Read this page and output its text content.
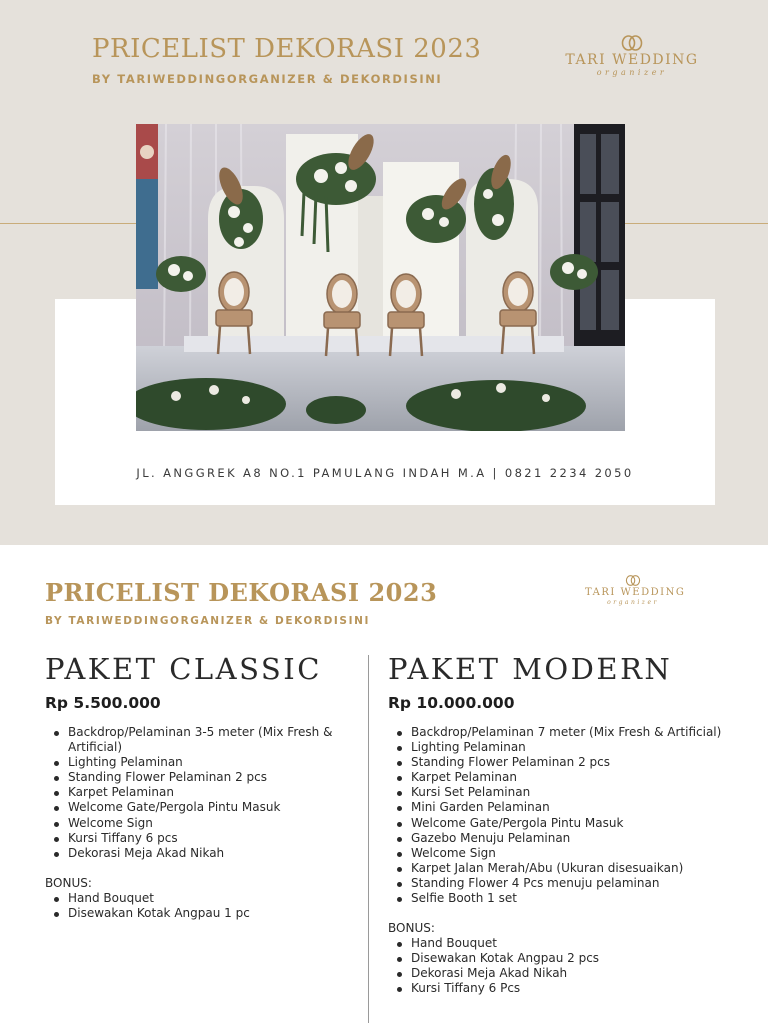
PRICELIST DEKORASI 2023
BY TARIWEDDINGORGANIZER & DEKORDISINI
TARI WEDDING
organizer
JL. ANGGREK A8 NO.1 PAMULANG INDAH M.A | 0821 2234 2050
PRICELIST DEKORASI 2023
BY TARIWEDDINGORGANIZER & DEKORDISINI
TARI WEDDING
organizer
PAKET CLASSIC
Rp 5.500.000
Backdrop/Pelaminan 3-5 meter (Mix Fresh & Artificial)
Lighting Pelaminan
Standing Flower Pelaminan 2 pcs
Karpet Pelaminan
Welcome Gate/Pergola Pintu Masuk
Welcome Sign
Kursi Tiffany 6 pcs
Dekorasi Meja Akad Nikah
BONUS:
Hand Bouquet
Disewakan Kotak Angpau 1 pc
PAKET MODERN
Rp 10.000.000
Backdrop/Pelaminan 7 meter (Mix Fresh & Artificial)
Lighting Pelaminan
Standing Flower Pelaminan 2 pcs
Karpet Pelaminan
Kursi Set Pelaminan
Mini Garden Pelaminan
Welcome Gate/Pergola Pintu Masuk
Gazebo Menuju Pelaminan
Welcome Sign
Karpet Jalan Merah/Abu (Ukuran disesuaikan)
Standing Flower 4 Pcs menuju pelaminan
Selfie Booth 1 set
BONUS:
Hand Bouquet
Disewakan Kotak Angpau 2 pcs
Dekorasi Meja Akad Nikah
Kursi Tiffany 6 Pcs
